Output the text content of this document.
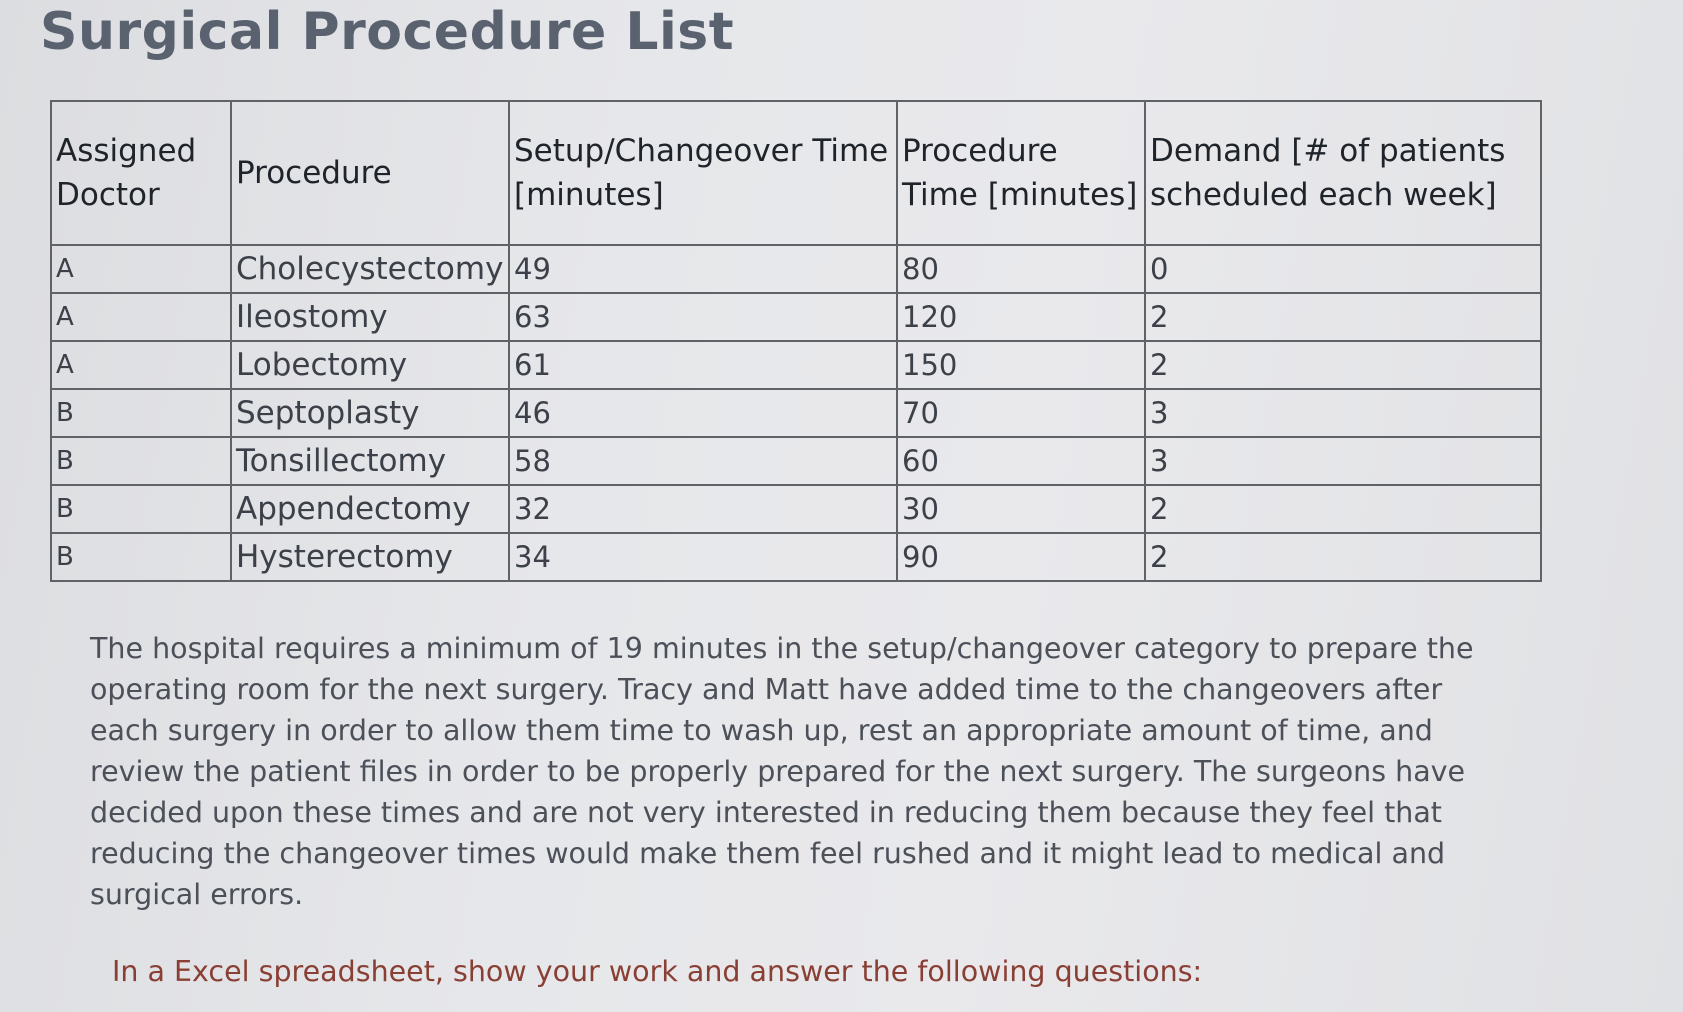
Surgical Procedure List
Assigned Doctor	Procedure	Setup/Changeover Time [minutes]	Procedure Time [minutes]	Demand [# of patients scheduled each week]
A	Cholecystectomy	49	80	0
A	Ileostomy	63	120	2
A	Lobectomy	61	150	2
B	Septoplasty	46	70	3
B	Tonsillectomy	58	60	3
B	Appendectomy	32	30	2
B	Hysterectomy	34	90	2

The hospital requires a minimum of 19 minutes in the setup/changeover category to prepare the operating room for the next surgery. Tracy and Matt have added time to the changeovers after each surgery in order to allow them time to wash up, rest an appropriate amount of time, and review the patient files in order to be properly prepared for the next surgery. The surgeons have decided upon these times and are not very interested in reducing them because they feel that reducing the changeover times would make them feel rushed and it might lead to medical and surgical errors.

In a Excel spreadsheet, show your work and answer the following questions:
